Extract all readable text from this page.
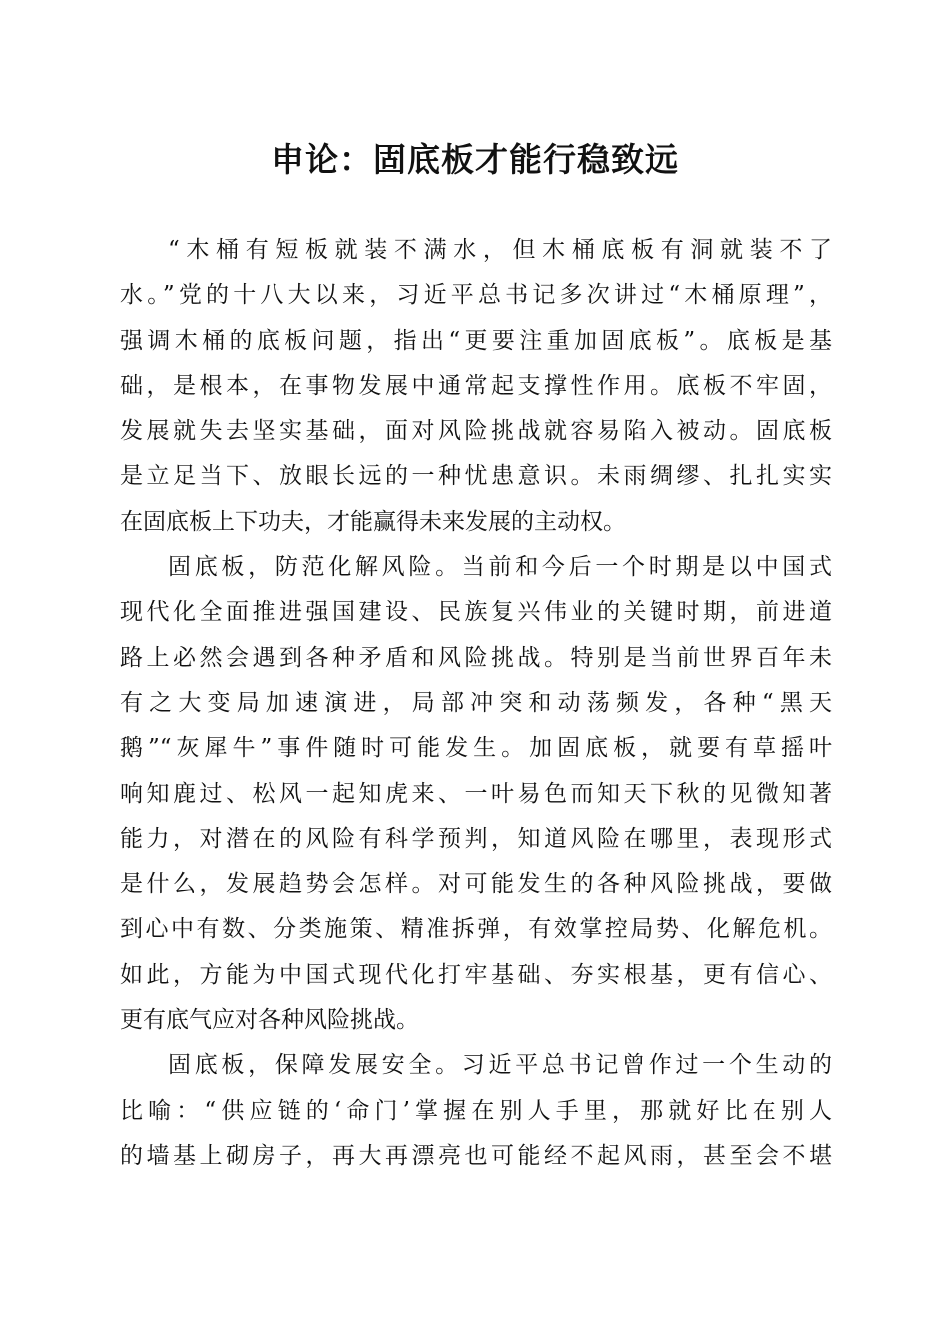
申论：固底板才能行稳致远

“木桶有短板就装不满水，但木桶底板有洞就装不了
水。”党的十八大以来，习近平总书记多次讲过“木桶原理”，
强调木桶的底板问题，指出“更要注重加固底板”。底板是基
础，是根本，在事物发展中通常起支撑性作用。底板不牢固，
发展就失去坚实基础，面对风险挑战就容易陷入被动。固底板
是立足当下、放眼长远的一种忧患意识。未雨绸缪、扎扎实实
在固底板上下功夫，才能赢得未来发展的主动权。

固底板，防范化解风险。当前和今后一个时期是以中国式
现代化全面推进强国建设、民族复兴伟业的关键时期，前进道
路上必然会遇到各种矛盾和风险挑战。特别是当前世界百年未
有之大变局加速演进，局部冲突和动荡频发，各种“黑天
鹅”“灰犀牛”事件随时可能发生。加固底板，就要有草摇叶
响知鹿过、松风一起知虎来、一叶易色而知天下秋的见微知著
能力，对潜在的风险有科学预判，知道风险在哪里，表现形式
是什么，发展趋势会怎样。对可能发生的各种风险挑战，要做
到心中有数、分类施策、精准拆弹，有效掌控局势、化解危机。
如此，方能为中国式现代化打牢基础、夯实根基，更有信心、
更有底气应对各种风险挑战。

固底板，保障发展安全。习近平总书记曾作过一个生动的
比喻：“供应链的‘命门’掌握在别人手里，那就好比在别人
的墙基上砌房子，再大再漂亮也可能经不起风雨，甚至会不堪
